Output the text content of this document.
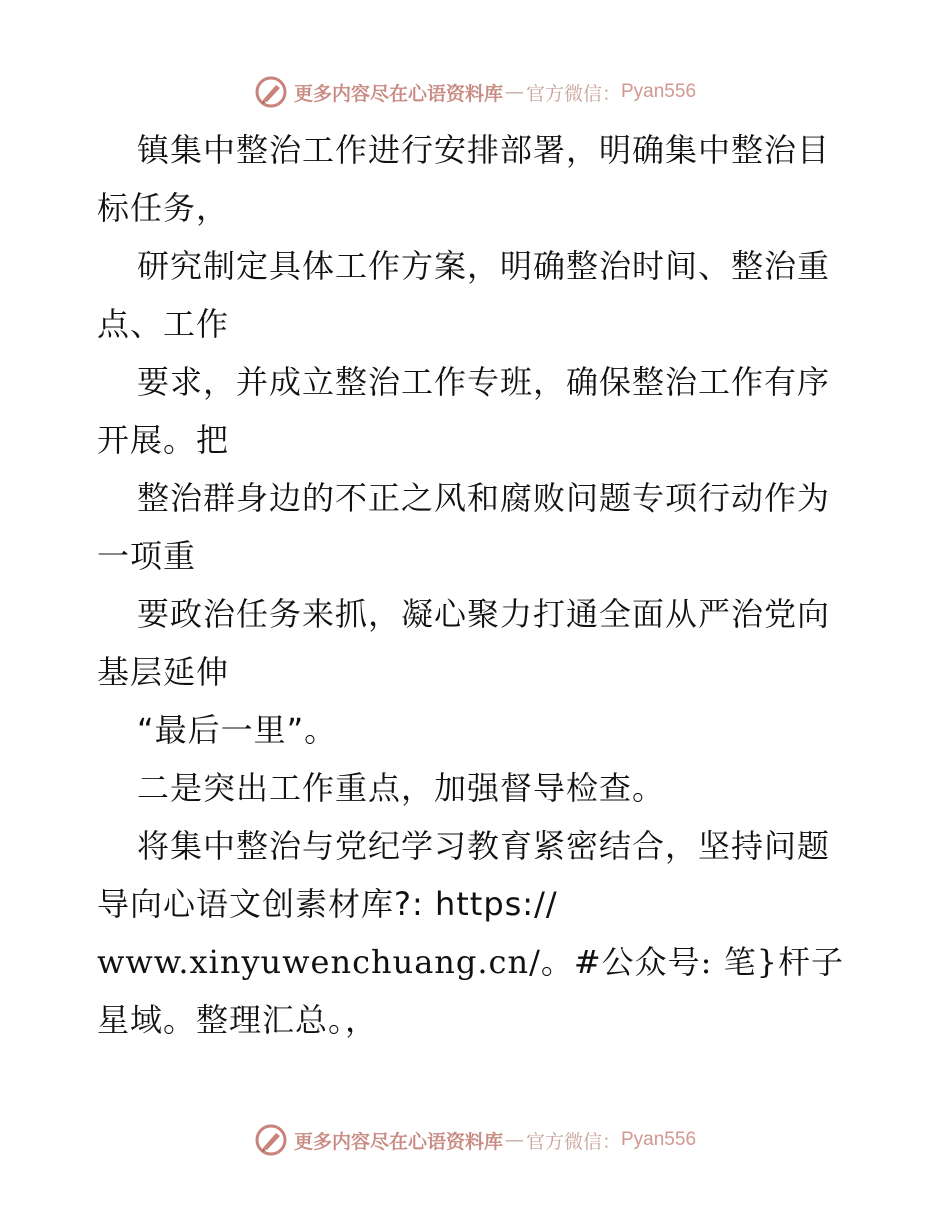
更多内容尽在心语资料库 — 官方微信： Pyan556

镇集中整治工作进行安排部署，明确集中整治目标任务，

研究制定具体工作方案，明确整治时间、整治重点、工作

要求，并成立整治工作专班，确保整治工作有序开展。把

整治群身边的不正之风和腐败问题专项行动作为一项重

要政治任务来抓，凝心聚力打通全面从严治党向基层延伸

“最后一里”。

二是突出工作重点，加强督导检查。

将集中整治与党纪学习教育紧密结合，坚持问题导向心语文创素材库?: https://

www.xinyuwenchuang.cn/。#公众号: 笔}杆子星域。整理汇总。，

更多内容尽在心语资料库 — 官方微信： Pyan556
